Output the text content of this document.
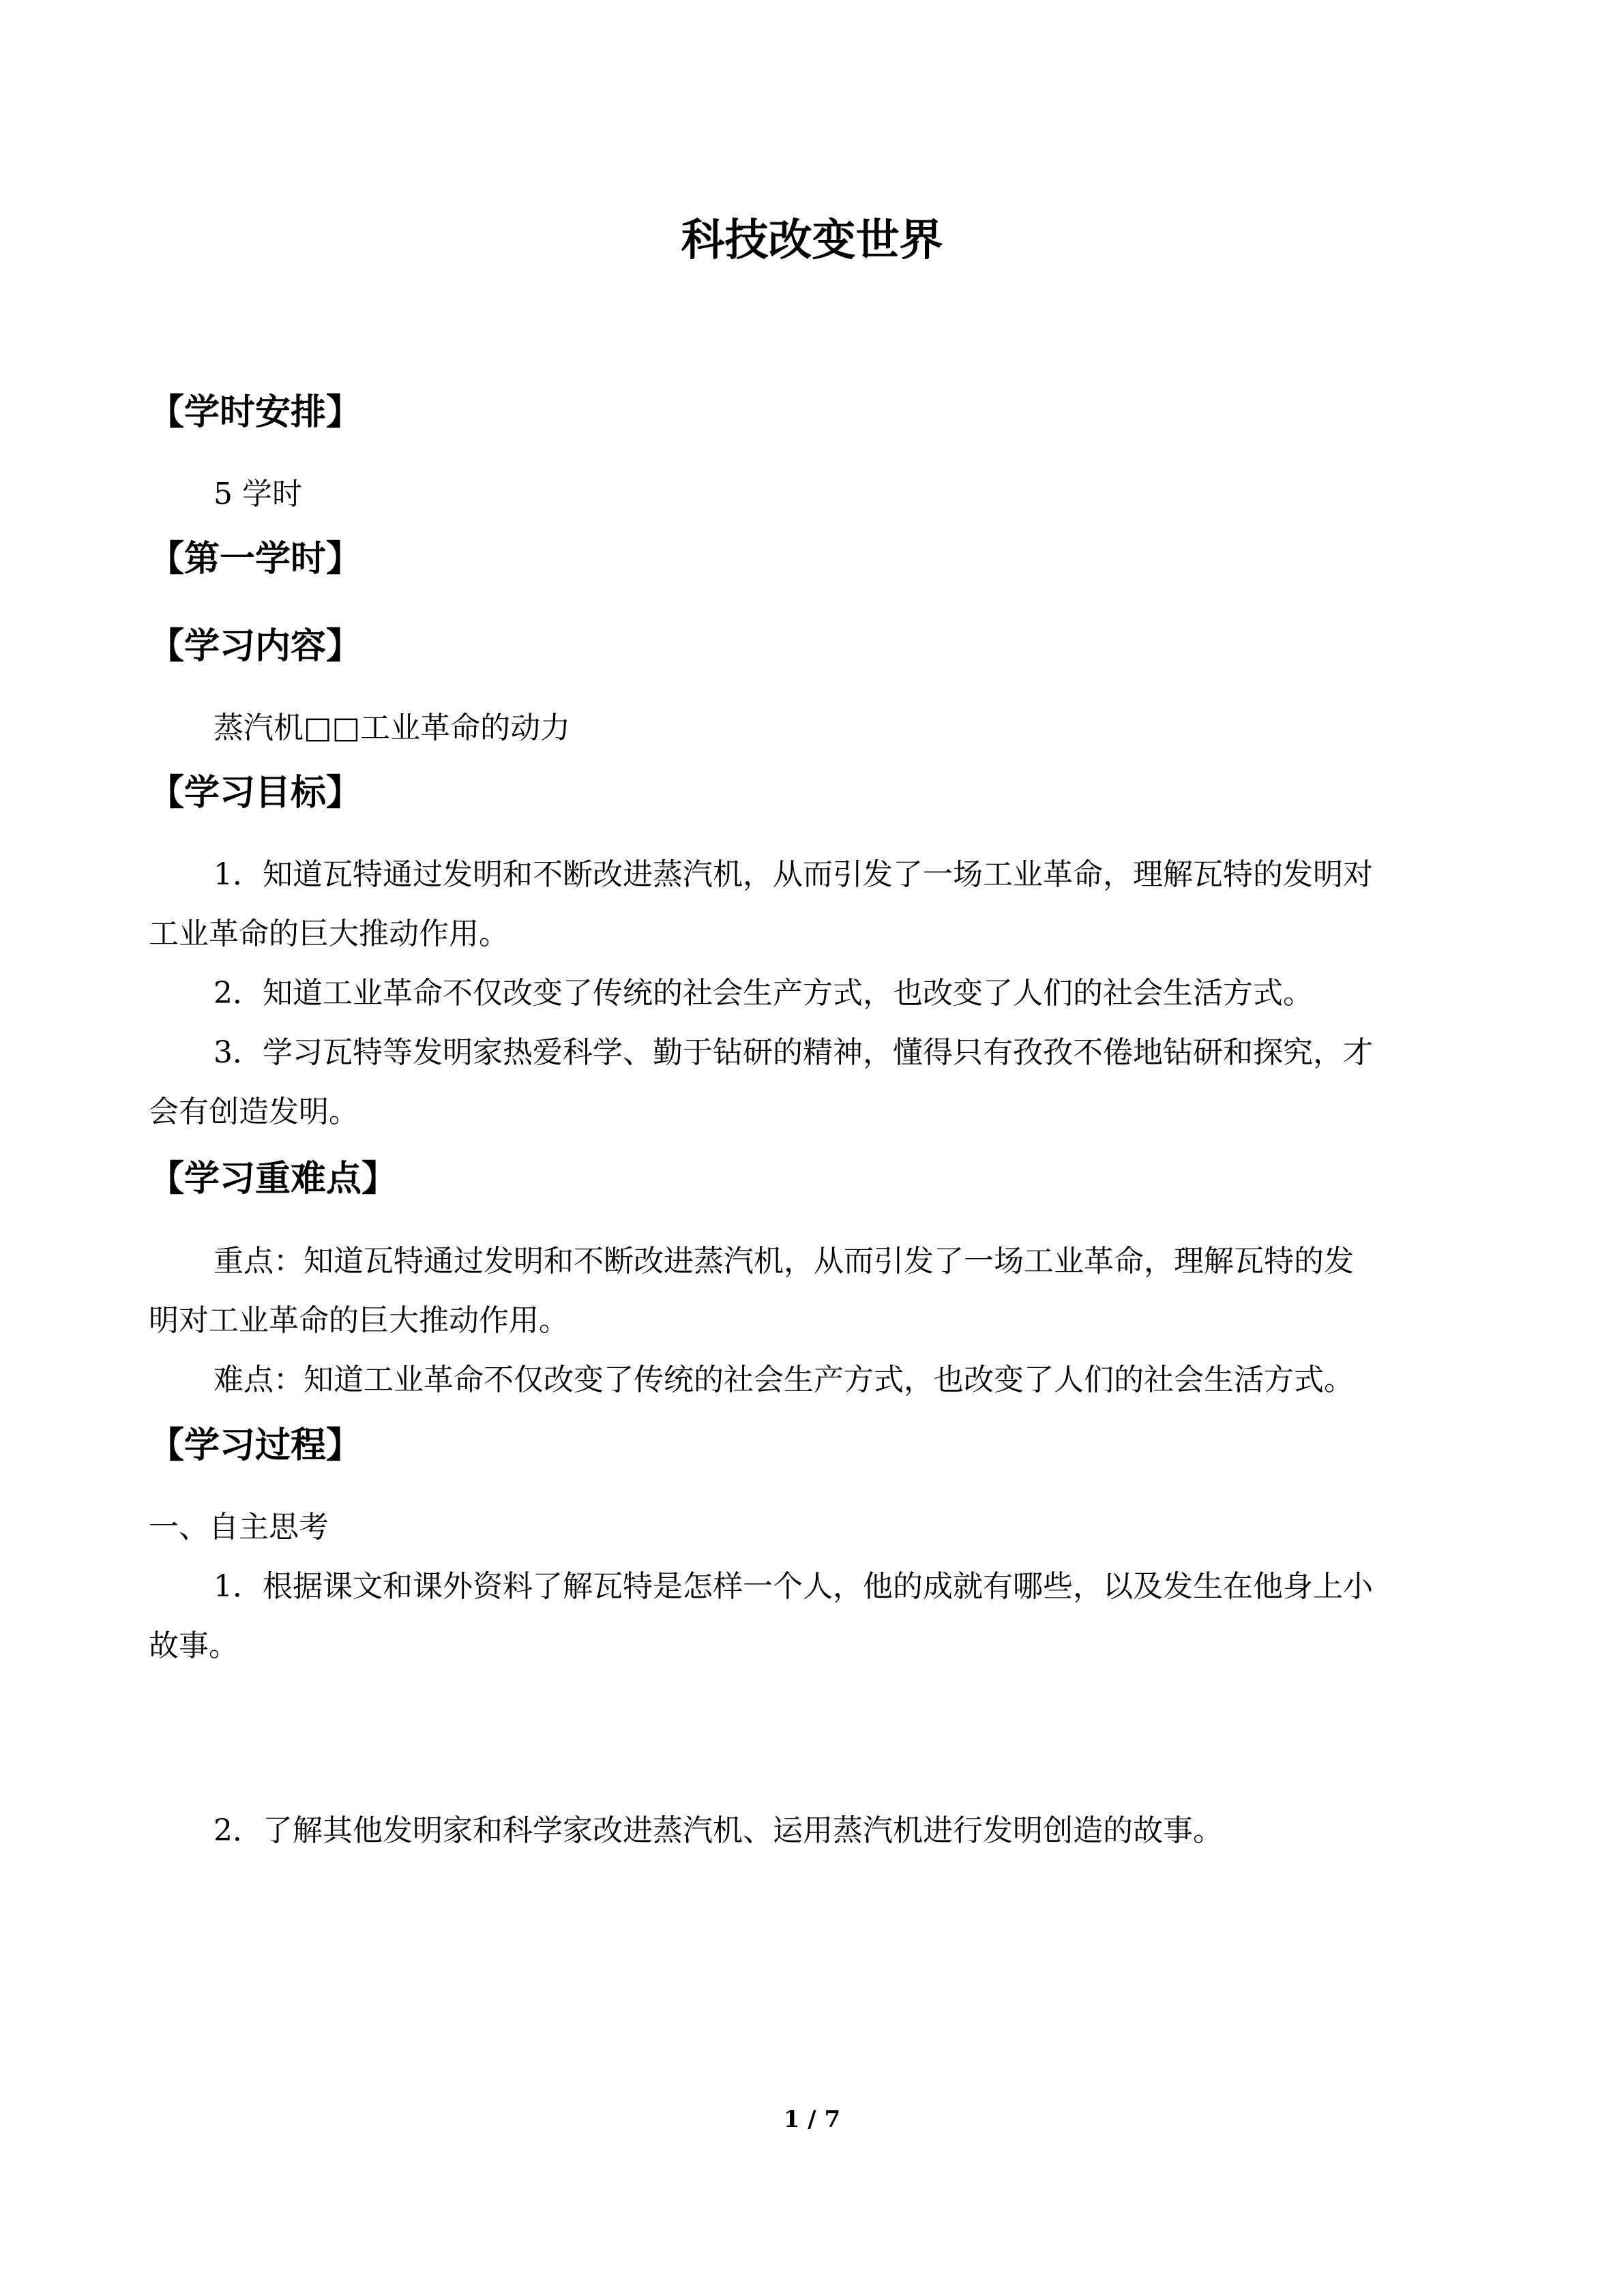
科技改变世界
【学时安排】
5 学时
【第一学时】
【学习内容】
蒸汽机□□工业革命的动力
【学习目标】
1．知道瓦特通过发明和不断改进蒸汽机，从而引发了一场工业革命，理解瓦特的发明对
工业革命的巨大推动作用。
2．知道工业革命不仅改变了传统的社会生产方式，也改变了人们的社会生活方式。
3．学习瓦特等发明家热爱科学、勤于钻研的精神，懂得只有孜孜不倦地钻研和探究，才
会有创造发明。
【学习重难点】
重点：知道瓦特通过发明和不断改进蒸汽机，从而引发了一场工业革命，理解瓦特的发
明对工业革命的巨大推动作用。
难点：知道工业革命不仅改变了传统的社会生产方式，也改变了人们的社会生活方式。
【学习过程】
一、自主思考
1．根据课文和课外资料了解瓦特是怎样一个人，他的成就有哪些，以及发生在他身上小
故事。
2．了解其他发明家和科学家改进蒸汽机、运用蒸汽机进行发明创造的故事。
1 / 7
